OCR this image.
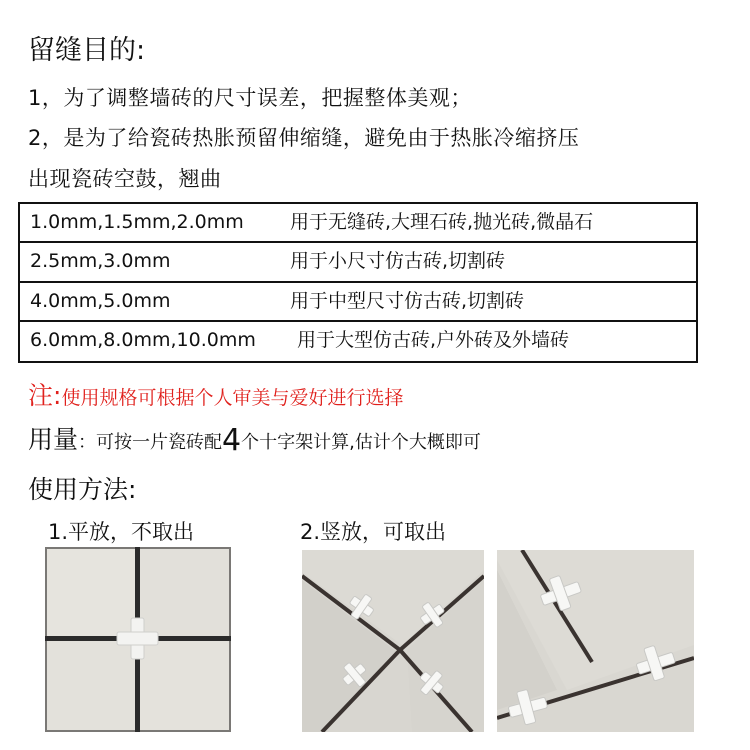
留缝目的:
1，为了调整墙砖的尺寸误差，把握整体美观；
2，是为了给瓷砖热胀预留伸缩缝，避免由于热胀冷缩挤压
出现瓷砖空鼓，翘曲
1.0mm,1.5mm,2.0mm 用于无缝砖,大理石砖,抛光砖,微晶石
2.5mm,3.0mm	用于小尺寸仿古砖,切割砖
4.0mm,5.0mm	用于中型尺寸仿古砖,切割砖
6.0mm,8.0mm,10.0mm 用于大型仿古砖,户外砖及外墙砖
注:使用规格可根据个人审美与爱好进行选择
用量：可按一片瓷砖配4个十字架计算,估计个大概即可
使用方法:
1.平放，不取出	2.竖放，可取出
